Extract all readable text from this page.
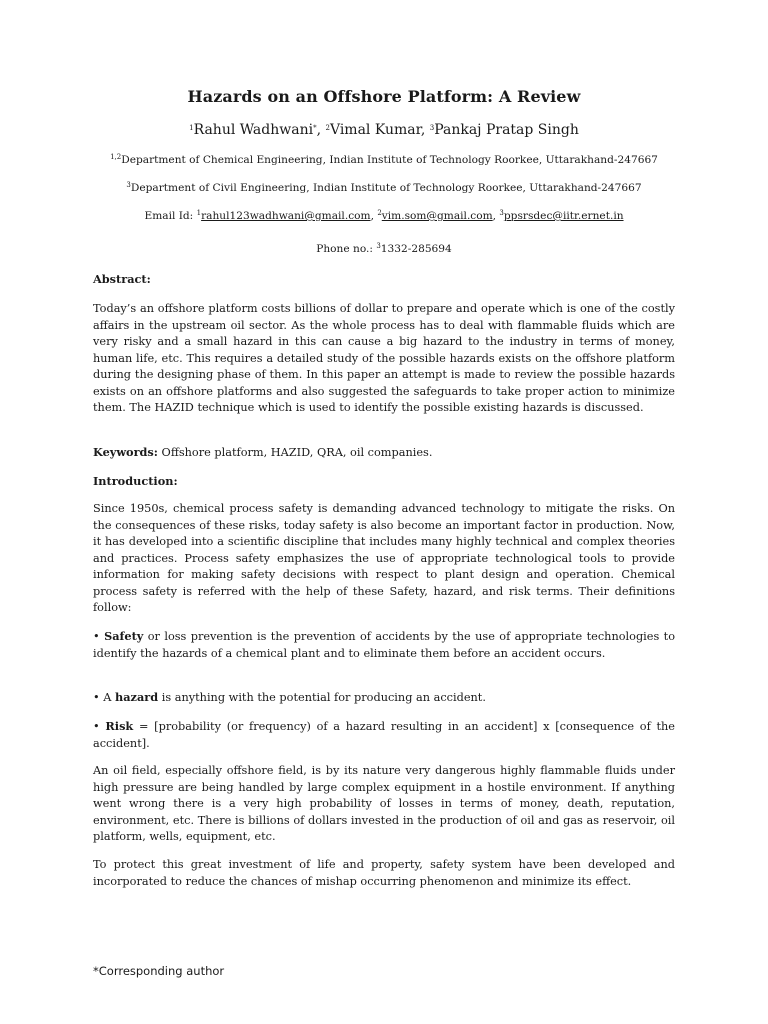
Hazards on an Offshore Platform: A Review
$^1$Rahul Wadhwani*, $^2$Vimal Kumar, $^3$Pankaj Pratap Singh
$^{1,2}$Department of Chemical Engineering, Indian Institute of Technology Roorkee, Uttarakhand-247667
$^3$Department of Civil Engineering, Indian Institute of Technology Roorkee, Uttarakhand-247667
Email Id: $^1$rahul123wadhwani@gmail.com, $^2$vim.som@gmail.com, $^3$ppsrsdec@iitr.ernet.in
Phone no.: $^3$1332-285694
Abstract:

Today’s an offshore platform costs billions of dollar to prepare and operate which is one of the costly affairs in the upstream oil sector. As the whole process has to deal with flammable fluids which are very risky and a small hazard in this can cause a big hazard to the industry in terms of money, human life, etc. This requires a detailed study of the possible hazards exists on the offshore platform during the designing phase of them. In this paper an attempt is made to review the possible hazards exists on an offshore platforms and also suggested the safeguards to take proper action to minimize them. The HAZID technique which is used to identify the possible existing hazards is discussed.

Keywords: Offshore platform, HAZID, QRA, oil companies.
Introduction:

Since 1950s, chemical process safety is demanding advanced technology to mitigate the risks. On the consequences of these risks, today safety is also become an important factor in production. Now, it has developed into a scientific discipline that includes many highly technical and complex theories and practices. Process safety emphasizes the use of appropriate technological tools to provide information for making safety decisions with respect to plant design and operation. Chemical process safety is referred with the help of these Safety, hazard, and risk terms. Their definitions follow:

• Safety or loss prevention is the prevention of accidents by the use of appropriate technologies to identify the hazards of a chemical plant and to eliminate them before an accident occurs.

• A hazard is anything with the potential for producing an accident.

• Risk = [probability (or frequency) of a hazard resulting in an accident] x [consequence of the accident].

An oil field, especially offshore field, is by its nature very dangerous highly flammable fluids under high pressure are being handled by large complex equipment in a hostile environment. If anything went wrong there is a very high probability of losses in terms of money, death, reputation, environment, etc. There is billions of dollars invested in the production of oil and gas as reservoir, oil platform, wells, equipment, etc.

To protect this great investment of life and property, safety system have been developed and incorporated to reduce the chances of mishap occurring phenomenon and minimize its effect.

*Corresponding author
